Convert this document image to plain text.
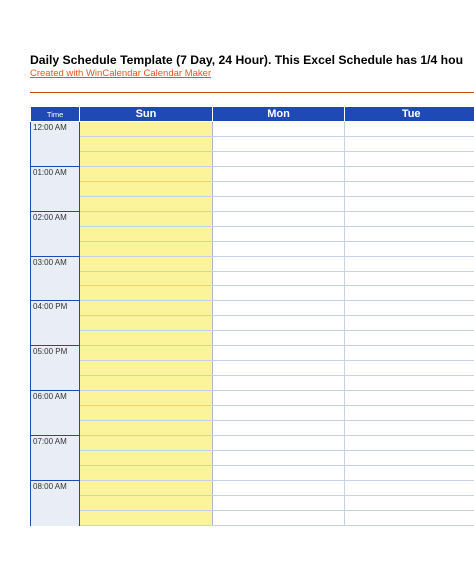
Daily Schedule Template (7 Day, 24 Hour). This Excel Schedule has 1/4 hou
Created with WinCalendar Calendar Maker
Time	Sun	Mon	Tue
12:00 AM			

01:00 AM			

02:00 AM			

03:00 AM			

04:00 PM			

05:00 PM			

06:00 AM			

07:00 AM			

08:00 AM			
